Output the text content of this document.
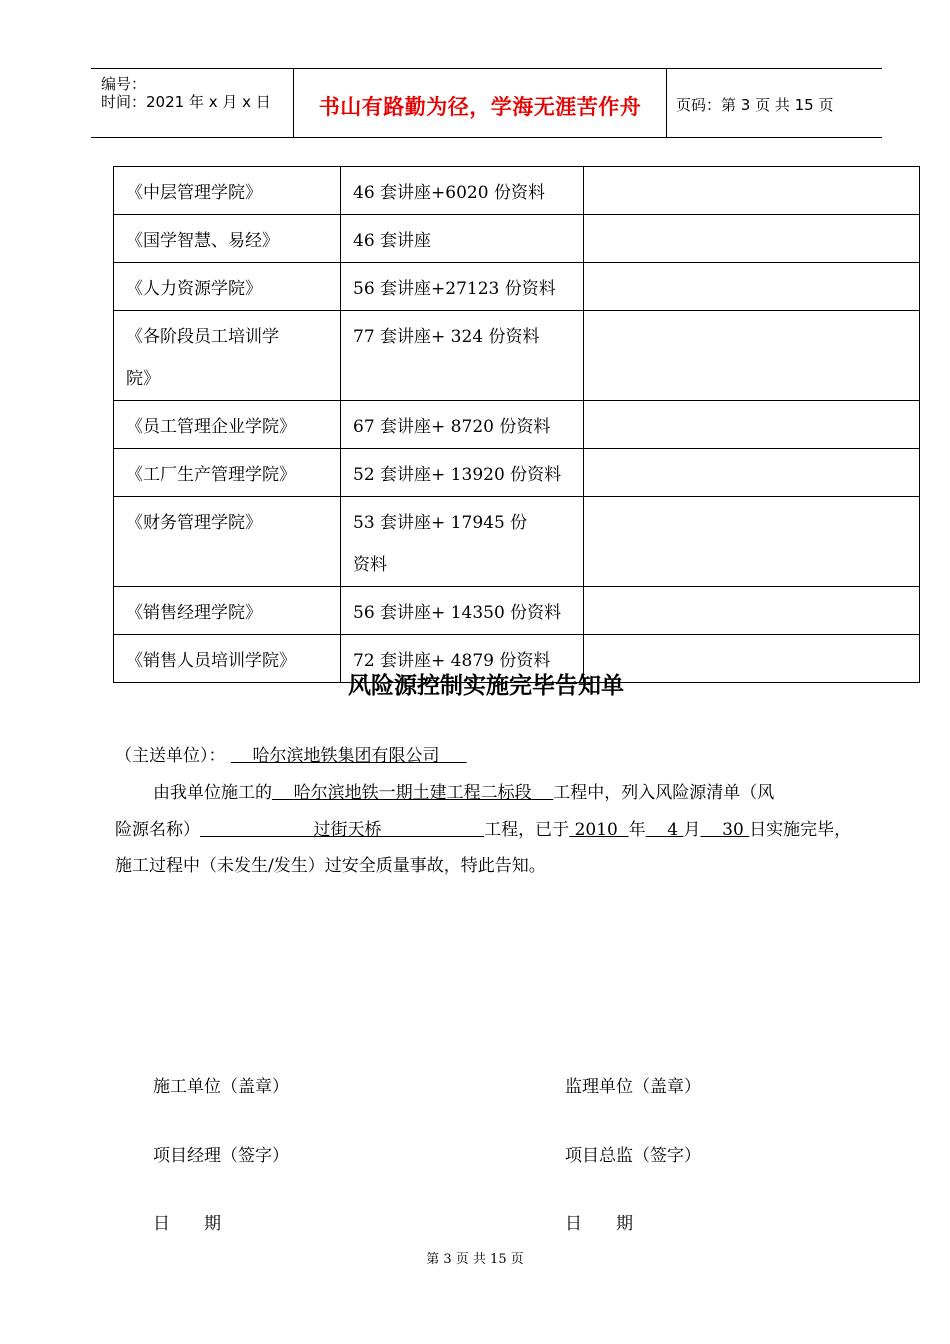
编号：
时间：2021 年 x 月 x 日	书山有路勤为径，学海无涯苦作舟	页码：第 3 页 共 15 页
《中层管理学院》	46 套讲座+6020 份资料	
《国学智慧、易经》	46 套讲座	
《人力资源学院》	56 套讲座+27123 份资料	
《各阶段员工培训学院》	77 套讲座+ 324 份资料	
《员工管理企业学院》	67 套讲座+ 8720 份资料	
《工厂生产管理学院》	52 套讲座+ 13920 份资料	
《财务管理学院》	53 套讲座+ 17945 份资料	
《销售经理学院》	56 套讲座+ 14350 份资料	
《销售人员培训学院》	72 套讲座+ 4879 份资料	
风险源控制实施完毕告知单
（主送单位）： 哈尔滨地铁集团有限公司
由我单位施工的 哈尔滨地铁一期土建工程二标段 工程中，列入风险源清单（风
险源名称）	过街天桥	工程，已于 2010 年 4 月 30 日实施完毕，
施工过程中（未发生/发生）过安全质量事故，特此告知。
施工单位（盖章）	监理单位（盖章）
项目经理（签字）	项目总监（签字）
日　　期	日　　期
第 3 页 共 15 页
